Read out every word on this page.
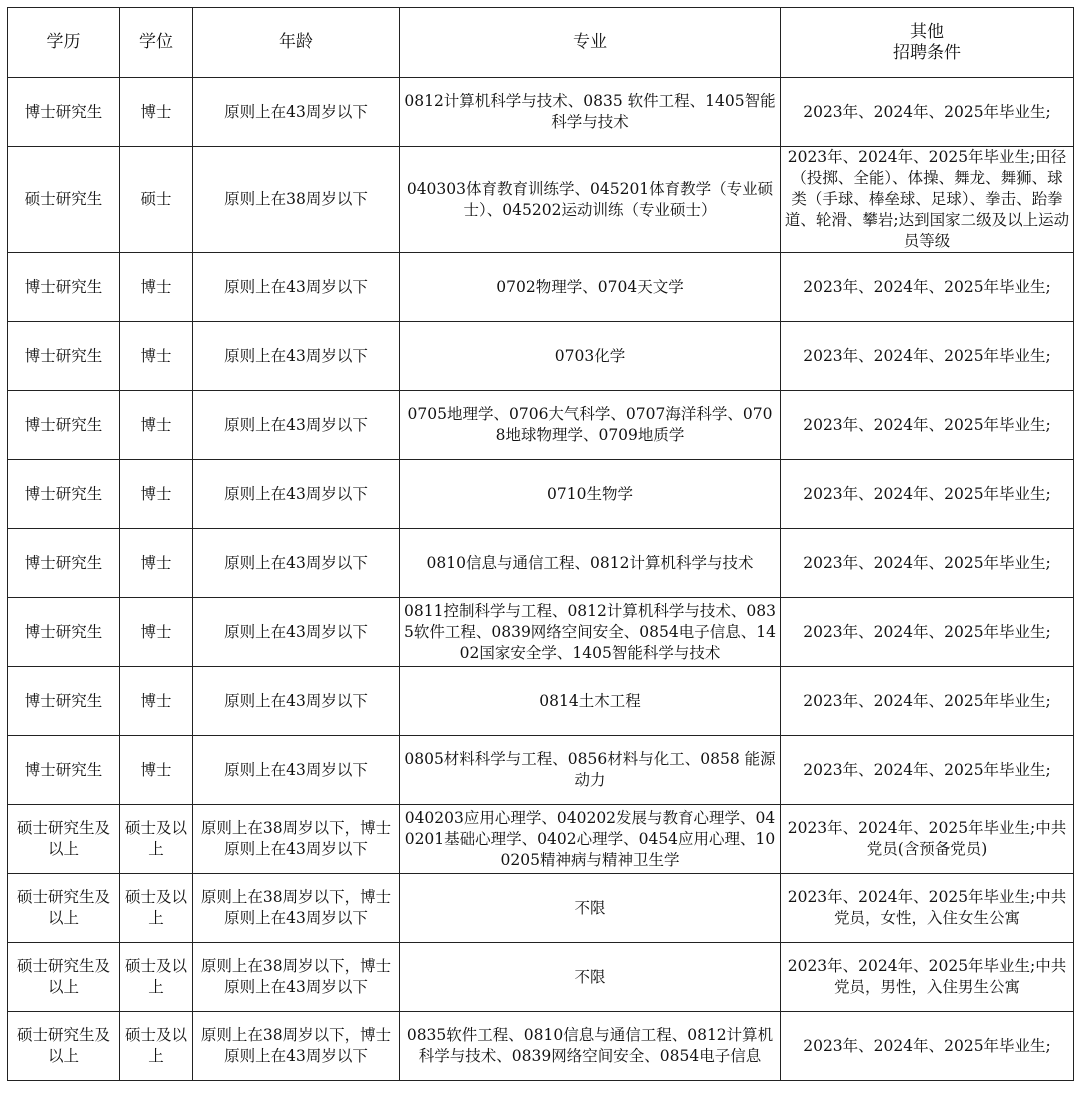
学历	学位	年龄	专业	其他
招聘条件
博士研究生	博士	原则上在43周岁以下	0812计算机科学与技术、0835 软件工程、1405智能科学与技术	2023年、2024年、2025年毕业生;
硕士研究生	硕士	原则上在38周岁以下	040303体育教育训练学、045201体育教学（专业硕士）、045202运动训练（专业硕士）	2023年、2024年、2025年毕业生;田径（投掷、全能）、体操、舞龙、舞狮、球类（手球、棒垒球、足球）、拳击、跆拳道、轮滑、攀岩;达到国家二级及以上运动员等级
博士研究生	博士	原则上在43周岁以下	0702物理学、0704天文学	2023年、2024年、2025年毕业生;
博士研究生	博士	原则上在43周岁以下	0703化学	2023年、2024年、2025年毕业生;
博士研究生	博士	原则上在43周岁以下	0705地理学、0706大气科学、0707海洋科学、0708地球物理学、0709地质学	2023年、2024年、2025年毕业生;
博士研究生	博士	原则上在43周岁以下	0710生物学	2023年、2024年、2025年毕业生;
博士研究生	博士	原则上在43周岁以下	0810信息与通信工程、0812计算机科学与技术	2023年、2024年、2025年毕业生;
博士研究生	博士	原则上在43周岁以下	0811控制科学与工程、0812计算机科学与技术、0835软件工程、0839网络空间安全、0854电子信息、1402国家安全学、1405智能科学与技术	2023年、2024年、2025年毕业生;
博士研究生	博士	原则上在43周岁以下	0814土木工程	2023年、2024年、2025年毕业生;
博士研究生	博士	原则上在43周岁以下	0805材料科学与工程、0856材料与化工、0858 能源动力	2023年、2024年、2025年毕业生;
硕士研究生及以上	硕士及以上	原则上在38周岁以下，博士原则上在43周岁以下	040203应用心理学、040202发展与教育心理学、040201基础心理学、0402心理学、0454应用心理、100205精神病与精神卫生学	2023年、2024年、2025年毕业生;中共党员(含预备党员)
硕士研究生及以上	硕士及以上	原则上在38周岁以下，博士原则上在43周岁以下	不限	2023年、2024年、2025年毕业生;中共党员，女性，入住女生公寓
硕士研究生及以上	硕士及以上	原则上在38周岁以下，博士原则上在43周岁以下	不限	2023年、2024年、2025年毕业生;中共党员，男性，入住男生公寓
硕士研究生及以上	硕士及以上	原则上在38周岁以下，博士原则上在43周岁以下	0835软件工程、0810信息与通信工程、0812计算机科学与技术、0839网络空间安全、0854电子信息	2023年、2024年、2025年毕业生;
